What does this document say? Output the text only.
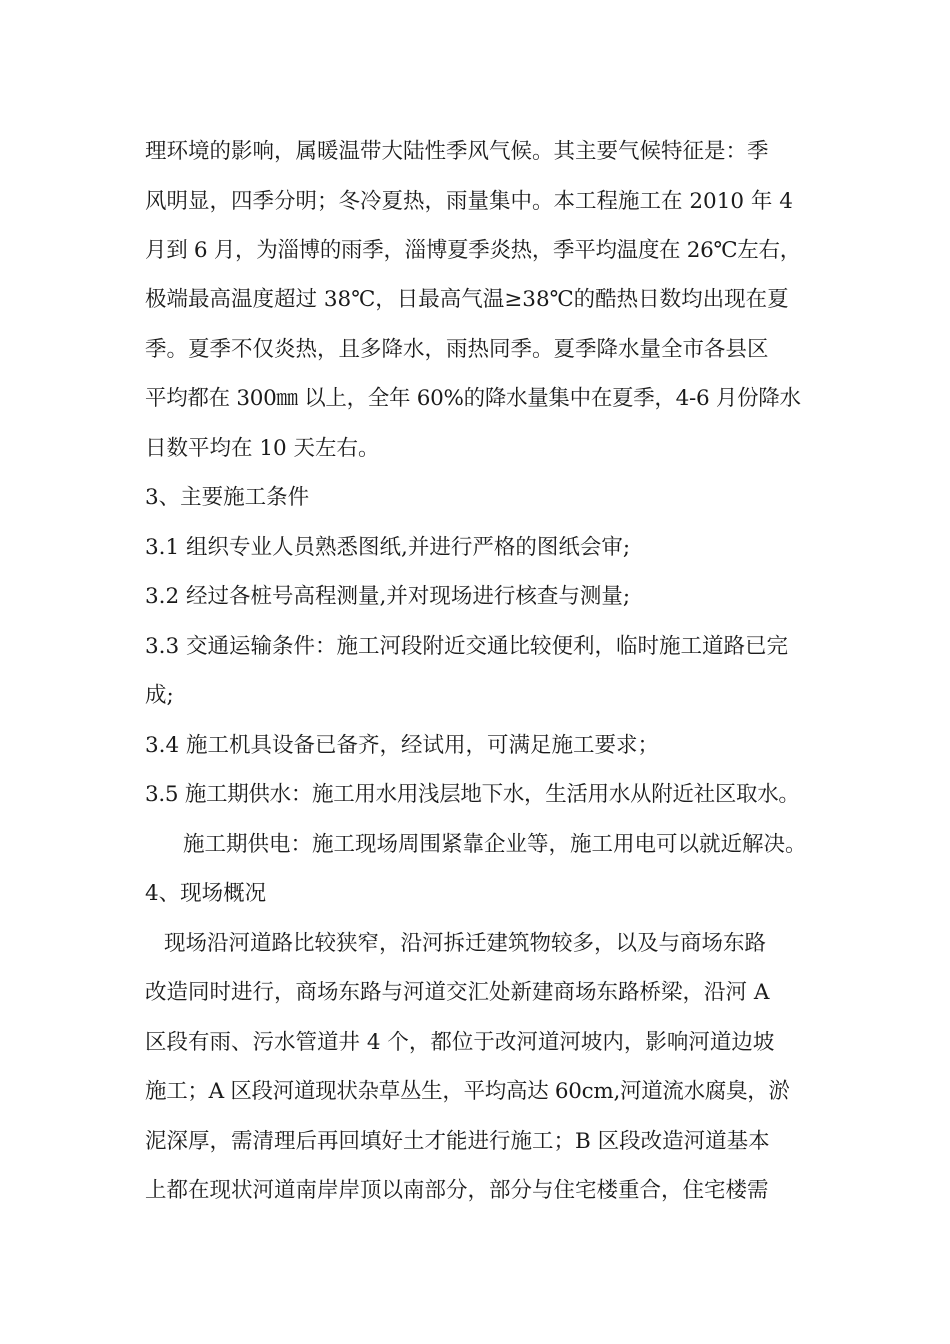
理环境的影响，属暖温带大陆性季风气候。其主要气候特征是：季
风明显，四季分明；冬冷夏热，雨量集中。本工程施工在 2010 年 4
月到 6 月，为淄博的雨季，淄博夏季炎热，季平均温度在 26℃左右，
极端最高温度超过 38℃，日最高气温≥38℃的酷热日数均出现在夏
季。夏季不仅炎热，且多降水，雨热同季。夏季降水量全市各县区
平均都在 300㎜ 以上，全年 60%的降水量集中在夏季，4-6 月份降水
日数平均在 10 天左右。
3、主要施工条件
3.1 组织专业人员熟悉图纸,并进行严格的图纸会审;
3.2 经过各桩号高程测量,并对现场进行核查与测量;
3.3 交通运输条件：施工河段附近交通比较便利，临时施工道路已完
成;
3.4 施工机具设备已备齐，经试用，可满足施工要求；
3.5 施工期供水：施工用水用浅层地下水，生活用水从附近社区取水。
施工期供电：施工现场周围紧靠企业等，施工用电可以就近解决。
4、现场概况
现场沿河道路比较狭窄，沿河拆迁建筑物较多，以及与商场东路
改造同时进行，商场东路与河道交汇处新建商场东路桥梁，沿河 A
区段有雨、污水管道井 4 个，都位于改河道河坡内，影响河道边坡
施工；A 区段河道现状杂草丛生，平均高达 60cm,河道流水腐臭，淤
泥深厚，需清理后再回填好土才能进行施工；B 区段改造河道基本
上都在现状河道南岸岸顶以南部分，部分与住宅楼重合，住宅楼需
